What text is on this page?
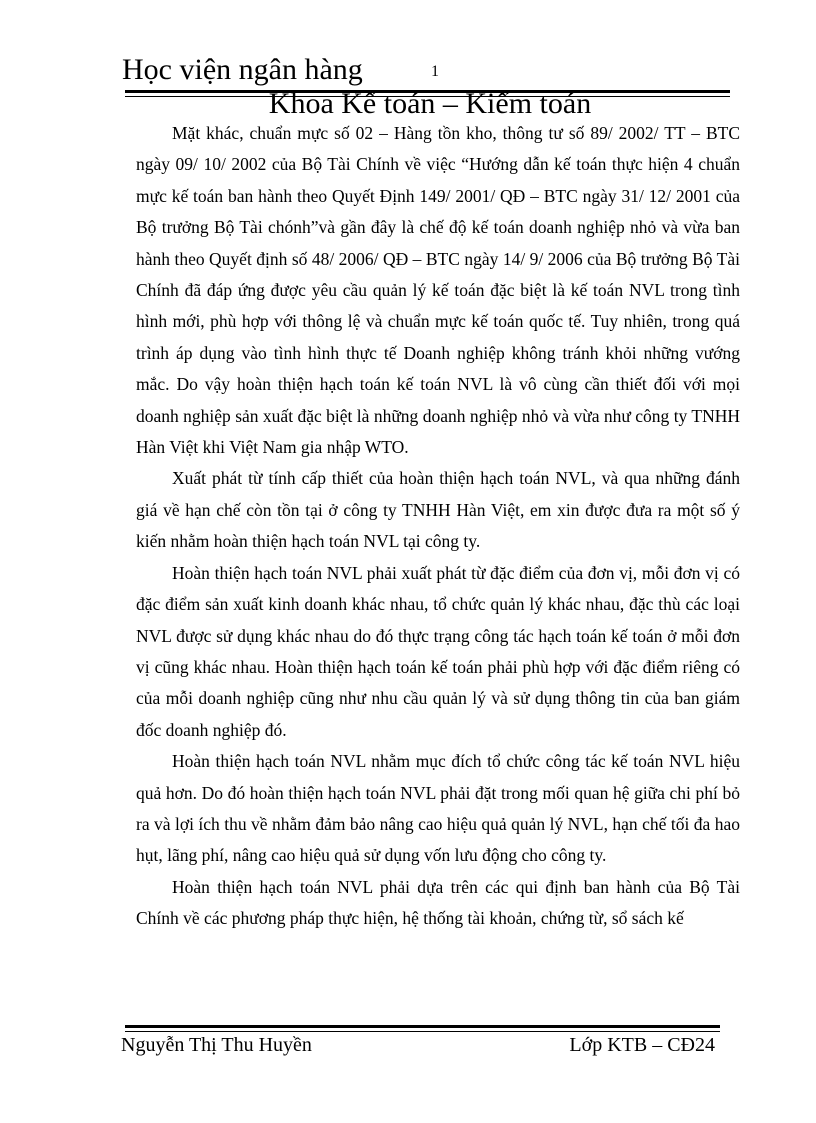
Học viện ngân hàng	1
Khoa Kế toán – Kiểm toán

Mặt khác, chuẩn mực số 02 – Hàng tồn kho, thông tư số 89/ 2002/ TT – BTC ngày 09/ 10/ 2002 của Bộ Tài Chính về việc “Hướng dẫn kế toán thực hiện 4 chuẩn mực kế toán ban hành theo Quyết Định 149/ 2001/ QĐ – BTC ngày 31/ 12/ 2001 của Bộ trưởng Bộ Tài chónh”và gần đây là chế độ kế toán doanh nghiệp nhỏ và vừa ban hành theo Quyết định số 48/ 2006/ QĐ – BTC ngày 14/ 9/ 2006 của Bộ trưởng Bộ Tài Chính đã đáp ứng được yêu cầu quản lý kế toán đặc biệt là kế toán NVL trong tình hình mới, phù hợp với thông lệ và chuẩn mực kế toán quốc tế. Tuy nhiên, trong quá trình áp dụng vào tình hình thực tế Doanh nghiệp không tránh khỏi những vướng mắc. Do vậy hoàn thiện hạch toán kế toán NVL là vô cùng cần thiết đối với mọi doanh nghiệp sản xuất đặc biệt là những doanh nghiệp nhỏ và vừa như công ty TNHH Hàn Việt khi Việt Nam gia nhập WTO.

Xuất phát từ tính cấp thiết của hoàn thiện hạch toán NVL, và qua những đánh giá về hạn chế còn tồn tại ở công ty TNHH Hàn Việt, em xin được đưa ra một số ý kiến nhằm hoàn thiện hạch toán NVL tại công ty.

Hoàn thiện hạch toán NVL phải xuất phát từ đặc điểm của đơn vị, mỗi đơn vị có đặc điểm sản xuất kinh doanh khác nhau, tổ chức quản lý khác nhau, đặc thù các loại NVL được sử dụng khác nhau do đó thực trạng công tác hạch toán kế toán ở mỗi đơn vị cũng khác nhau. Hoàn thiện hạch toán kế toán phải phù hợp với đặc điểm riêng có của mỗi doanh nghiệp cũng như nhu cầu quản lý và sử dụng thông tin của ban giám đốc doanh nghiệp đó.

Hoàn thiện hạch toán NVL nhằm mục đích tổ chức công tác kế toán NVL hiệu quả hơn. Do đó hoàn thiện hạch toán NVL phải đặt trong mối quan hệ giữa chi phí bỏ ra và lợi ích thu về nhằm đảm bảo nâng cao hiệu quả quản lý NVL, hạn chế tối đa hao hụt, lãng phí, nâng cao hiệu quả sử dụng vốn lưu động cho công ty.

Hoàn thiện hạch toán NVL phải dựa trên các qui định ban hành của Bộ Tài Chính về các phương pháp thực hiện, hệ thống tài khoản, chứng từ, sổ sách kế

Nguyễn Thị Thu Huyền	Lớp KTB – CĐ24
